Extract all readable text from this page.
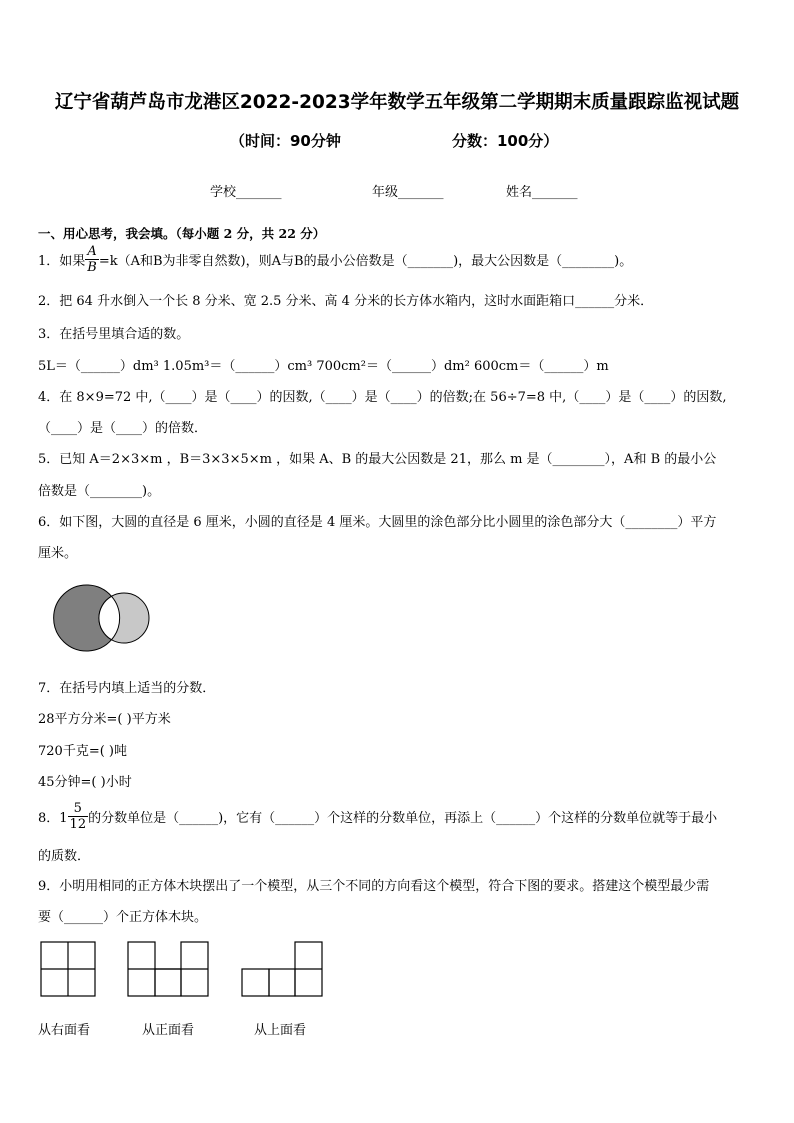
辽宁省葫芦岛市龙港区2022-2023学年数学五年级第二学期期末质量跟踪监视试题
（时间：90分钟	分数：100分）
学校_______	年级_______	姓名_______
一、用心思考，我会填。（每小题 2 分，共 22 分）
1．如果 $\frac{A}{B} =k(A$和B为非零自然数)，则A与B的最小公倍数是（_______)，最大公因数是（________)。
2．把 64 升水倒入一个长 8 分米、宽 2.5 分米、高 4 分米的长方体水箱内，这时水面距箱口______分米．
3．在括号里填合适的数。
5L＝（______）dm³ 1.05m³＝（______）cm³ 700cm²＝（______）dm² 600cm＝（______）m
4．在 8×9=72 中,（____）是（____）的因数,（____）是（____）的倍数;在 56÷7=8 中,（____）是（____）的因数,
（____）是（____）的倍数．
5．已知 A＝2×3×m ，B＝3×3×5×m ，如果 A、B 的最大公因数是 21，那么 m 是（________），A和 B 的最小公
倍数是（________)。
6．如下图，大圆的直径是 6 厘米，小圆的直径是 4 厘米。大圆里的涂色部分比小圆里的涂色部分大（________）平方
厘米。
7．在括号内填上适当的分数．
28平方分米=( )平方米
720千克=( )吨
45分钟=( )小时
8．$1 \frac{5}{12}$ 的分数单位是（______)，它有（______）个这样的分数单位，再添上（______）个这样的分数单位就等于最小
的质数．
9．小明用相同的正方体木块摆出了一个模型，从三个不同的方向看这个模型，符合下图的要求。搭建这个模型最少需
要（______）个正方体木块。
从右面看	从正面看	从上面看
